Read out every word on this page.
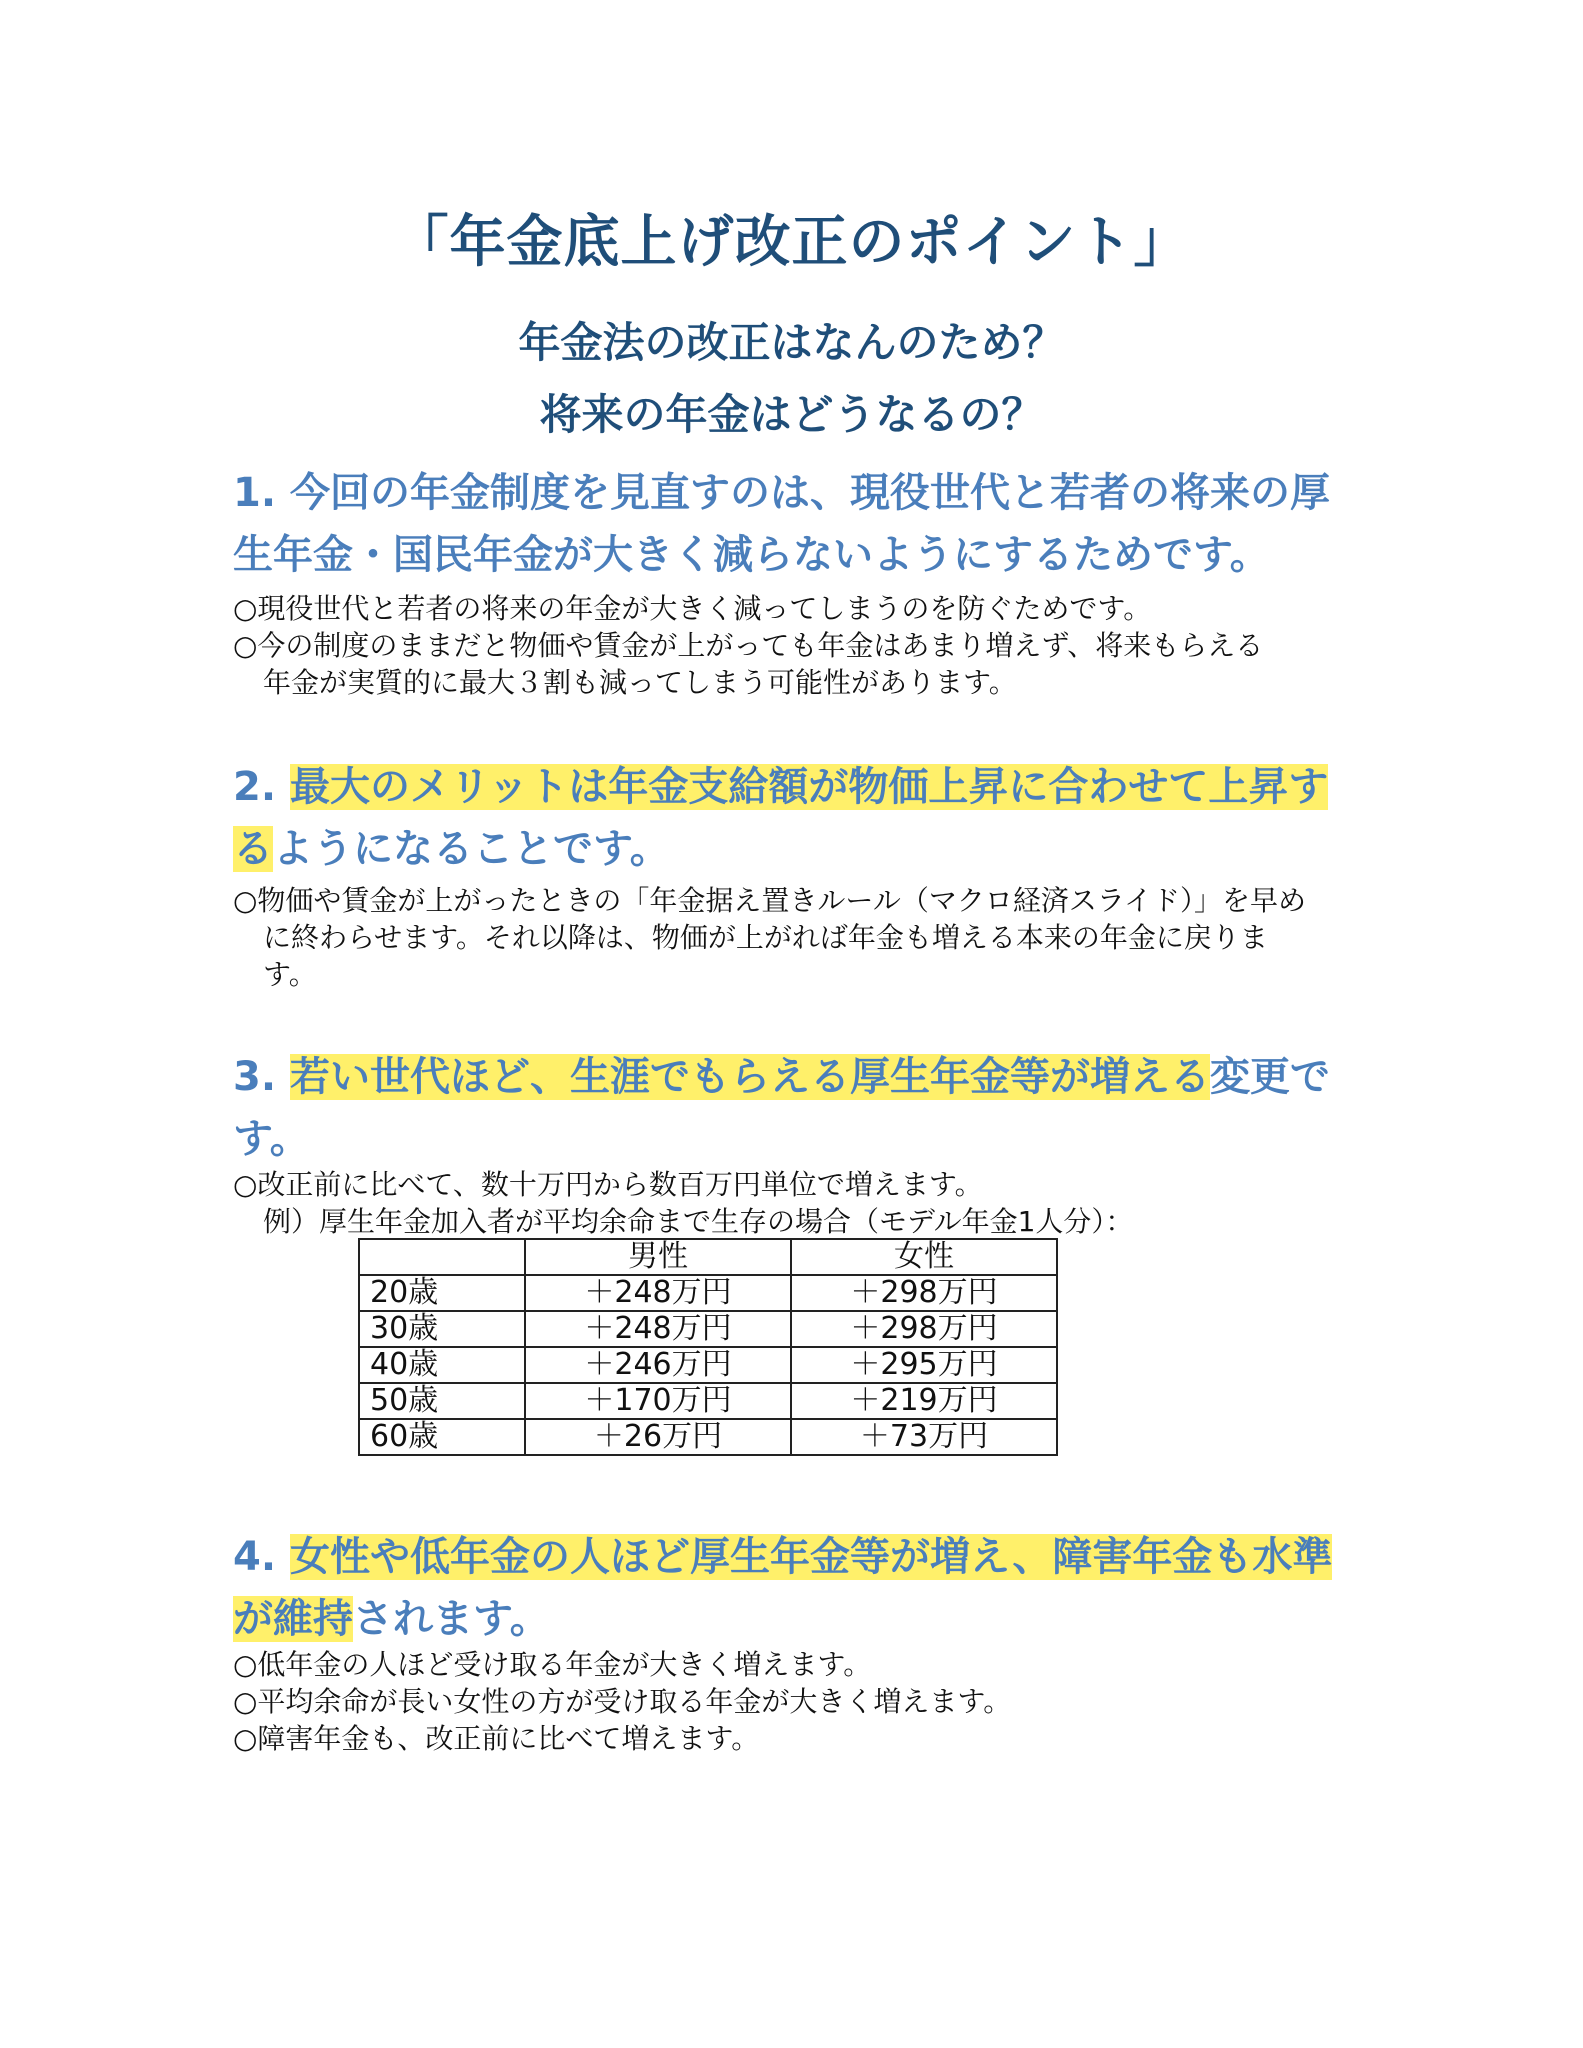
「年金底上げ改正のポイント」

年金法の改正はなんのため？

将来の年金はどうなるの？

1. 今回の年金制度を見直すのは、現役世代と若者の将来の厚生年金・国民年金が大きく減らないようにするためです。
○現役世代と若者の将来の年金が大きく減ってしまうのを防ぐためです。
○今の制度のままだと物価や賃金が上がっても年金はあまり増えず、将来もらえる
年金が実質的に最大３割も減ってしまう可能性があります。
2. 最大のメリットは年金支給額が物価上昇に合わせて上昇するようになることです。
○物価や賃金が上がったときの「年金据え置きルール（マクロ経済スライド）」を早め
に終わらせます。それ以降は、物価が上がれば年金も増える本来の年金に戻りま
す。
3. 若い世代ほど、生涯でもらえる厚生年金等が増える変更です。
○改正前に比べて、数十万円から数百万円単位で増えます。
例）厚生年金加入者が平均余命まで生存の場合（モデル年金1人分）：
	男性	女性
20歳	＋248万円	＋298万円
30歳	＋248万円	＋298万円
40歳	＋246万円	＋295万円
50歳	＋170万円	＋219万円
60歳	＋26万円	＋73万円
4. 女性や低年金の人ほど厚生年金等が増え、障害年金も水準が維持されます。
○低年金の人ほど受け取る年金が大きく増えます。
○平均余命が長い女性の方が受け取る年金が大きく増えます。
○障害年金も、改正前に比べて増えます。
